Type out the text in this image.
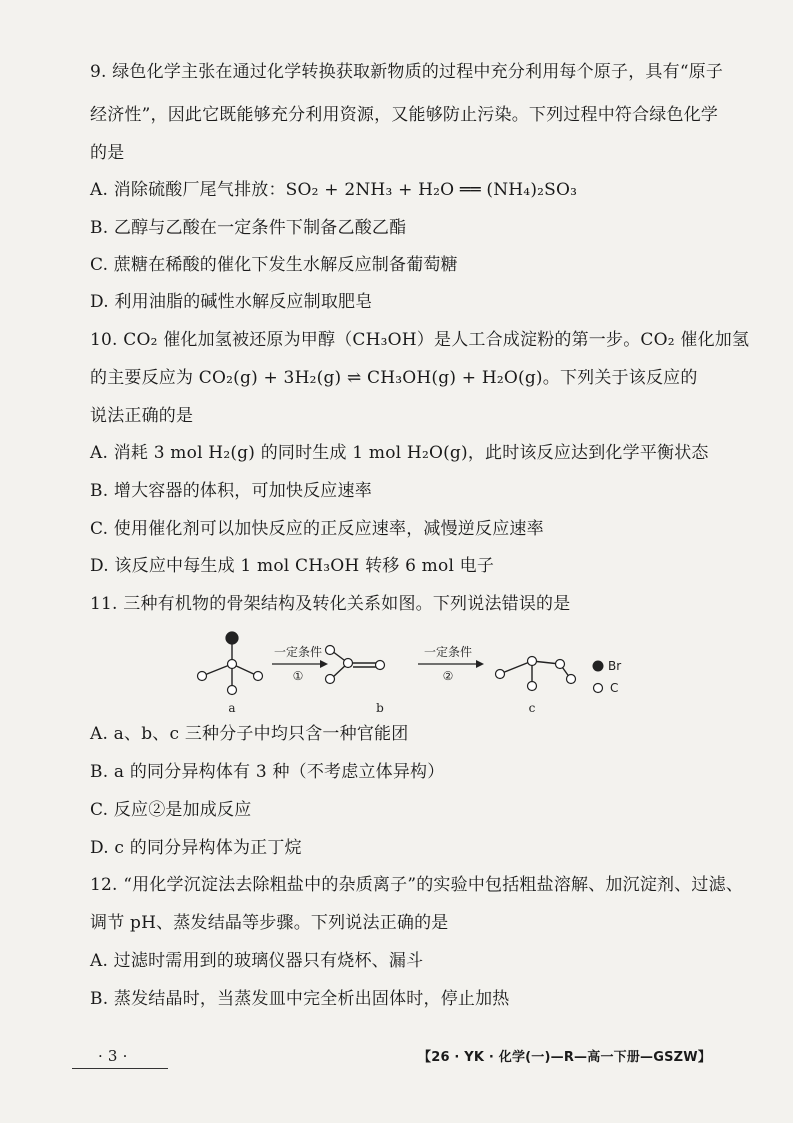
9. 绿色化学主张在通过化学转换获取新物质的过程中充分利用每个原子，具有“原子
经济性”，因此它既能够充分利用资源，又能够防止污染。下列过程中符合绿色化学
的是
A. 消除硫酸厂尾气排放：SO₂ + 2NH₃ + H₂O ══ (NH₄)₂SO₃
B. 乙醇与乙酸在一定条件下制备乙酸乙酯
C. 蔗糖在稀酸的催化下发生水解反应制备葡萄糖
D. 利用油脂的碱性水解反应制取肥皂
10. CO₂ 催化加氢被还原为甲醇（CH₃OH）是人工合成淀粉的第一步。CO₂ 催化加氢
的主要反应为 CO₂(g) + 3H₂(g) ⇌ CH₃OH(g) + H₂O(g)。下列关于该反应的
说法正确的是
A. 消耗 3 mol H₂(g) 的同时生成 1 mol H₂O(g)，此时该反应达到化学平衡状态
B. 增大容器的体积，可加快反应速率
C. 使用催化剂可以加快反应的正反应速率，减慢逆反应速率
D. 该反应中每生成 1 mol CH₃OH 转移 6 mol 电子
11. 三种有机物的骨架结构及转化关系如图。下列说法错误的是
一定条件
①
一定条件
②
a	b	c
Br
C
A. a、b、c 三种分子中均只含一种官能团
B. a 的同分异构体有 3 种（不考虑立体异构）
C. 反应②是加成反应
D. c 的同分异构体为正丁烷
12. “用化学沉淀法去除粗盐中的杂质离子”的实验中包括粗盐溶解、加沉淀剂、过滤、
调节 pH、蒸发结晶等步骤。下列说法正确的是
A. 过滤时需用到的玻璃仪器只有烧杯、漏斗
B. 蒸发结晶时，当蒸发皿中完全析出固体时，停止加热
· 3 ·	【26 · YK · 化学(一)—R—高一下册—GSZW】
